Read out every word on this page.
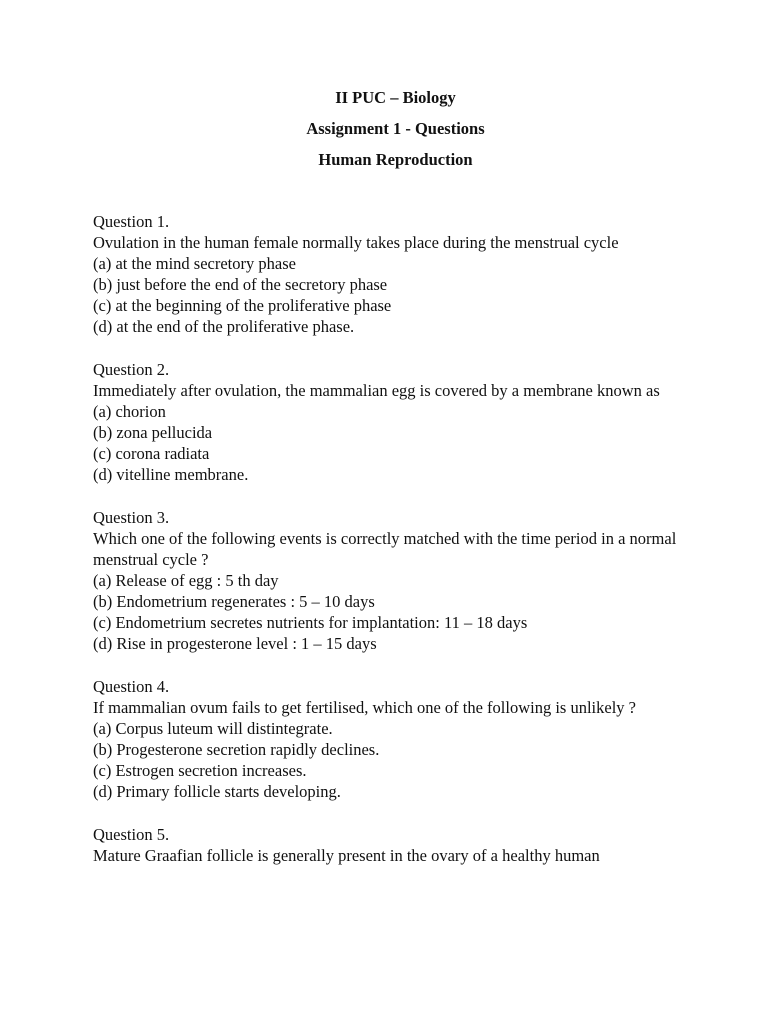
II PUC – Biology
Assignment 1 - Questions
Human Reproduction
Question 1.
Ovulation in the human female normally takes place during the menstrual cycle
(a) at the mind secretory phase
(b) just before the end of the secretory phase
(c) at the beginning of the proliferative phase
(d) at the end of the proliferative phase.
Question 2.
Immediately after ovulation, the mammalian egg is covered by a membrane known as
(a) chorion
(b) zona pellucida
(c) corona radiata
(d) vitelline membrane.
Question 3.
Which one of the following events is correctly matched with the time period in a normal menstrual cycle ?
(a) Release of egg : 5 th day
(b) Endometrium regenerates : 5 – 10 days
(c) Endometrium secretes nutrients for implantation: 11 – 18 days
(d) Rise in progesterone level : 1 – 15 days
Question 4.
If mammalian ovum fails to get fertilised, which one of the following is unlikely ?
(a) Corpus luteum will distintegrate.
(b) Progesterone secretion rapidly declines.
(c) Estrogen secretion increases.
(d) Primary follicle starts developing.
Question 5.
Mature Graafian follicle is generally present in the ovary of a healthy human
